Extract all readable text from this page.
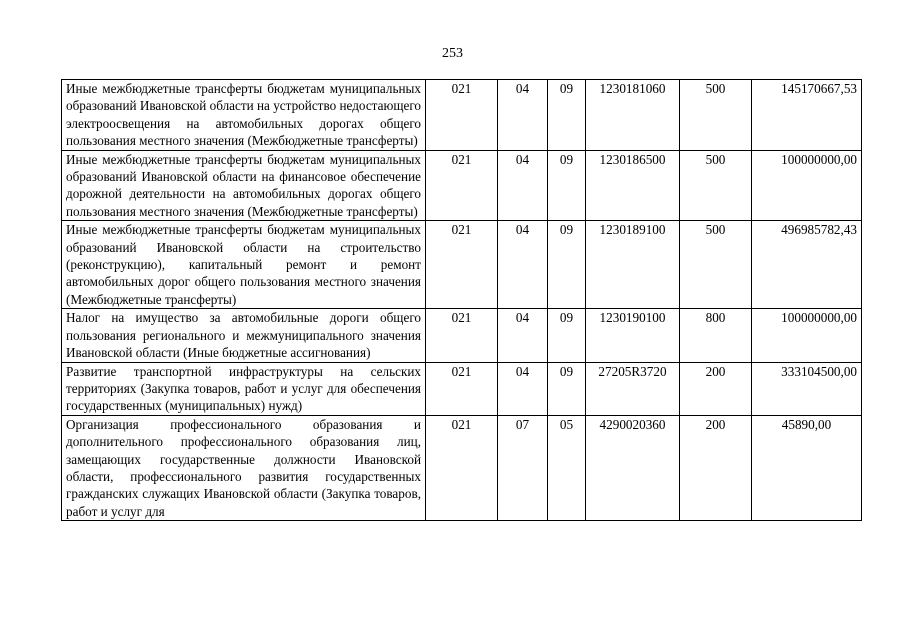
253
Иные межбюджетные трансферты бюджетам муниципальных образований Ивановской области на устройство недостающего электроосвещения на автомобильных дорогах общего пользования местного значения (Межбюджетные трансферты)	021	04	09	1230181060	500	145170667,53
Иные межбюджетные трансферты бюджетам муниципальных образований Ивановской области на финансовое обеспечение дорожной деятельности на автомобильных дорогах общего пользования местного значения (Межбюджетные трансферты)	021	04	09	1230186500	500	100000000,00
Иные межбюджетные трансферты бюджетам муниципальных образований Ивановской области на строительство (реконструкцию), капитальный ремонт и ремонт автомобильных дорог общего пользования местного значения (Межбюджетные трансферты)	021	04	09	1230189100	500	496985782,43
Налог на имущество за автомобильные дороги общего пользования регионального и межмуниципального значения Ивановской области (Иные бюджетные ассигнования)	021	04	09	1230190100	800	100000000,00
Развитие транспортной инфраструктуры на сельских территориях (Закупка товаров, работ и услуг для обеспечения государственных (муниципальных) нужд)	021	04	09	27205R3720	200	333104500,00
Организация профессионального образования и дополнительного профессионального образования лиц, замещающих государственные должности Ивановской области, профессионального развития государственных гражданских служащих Ивановской области (Закупка товаров, работ и услуг для	021	07	05	4290020360	200	45890,00
